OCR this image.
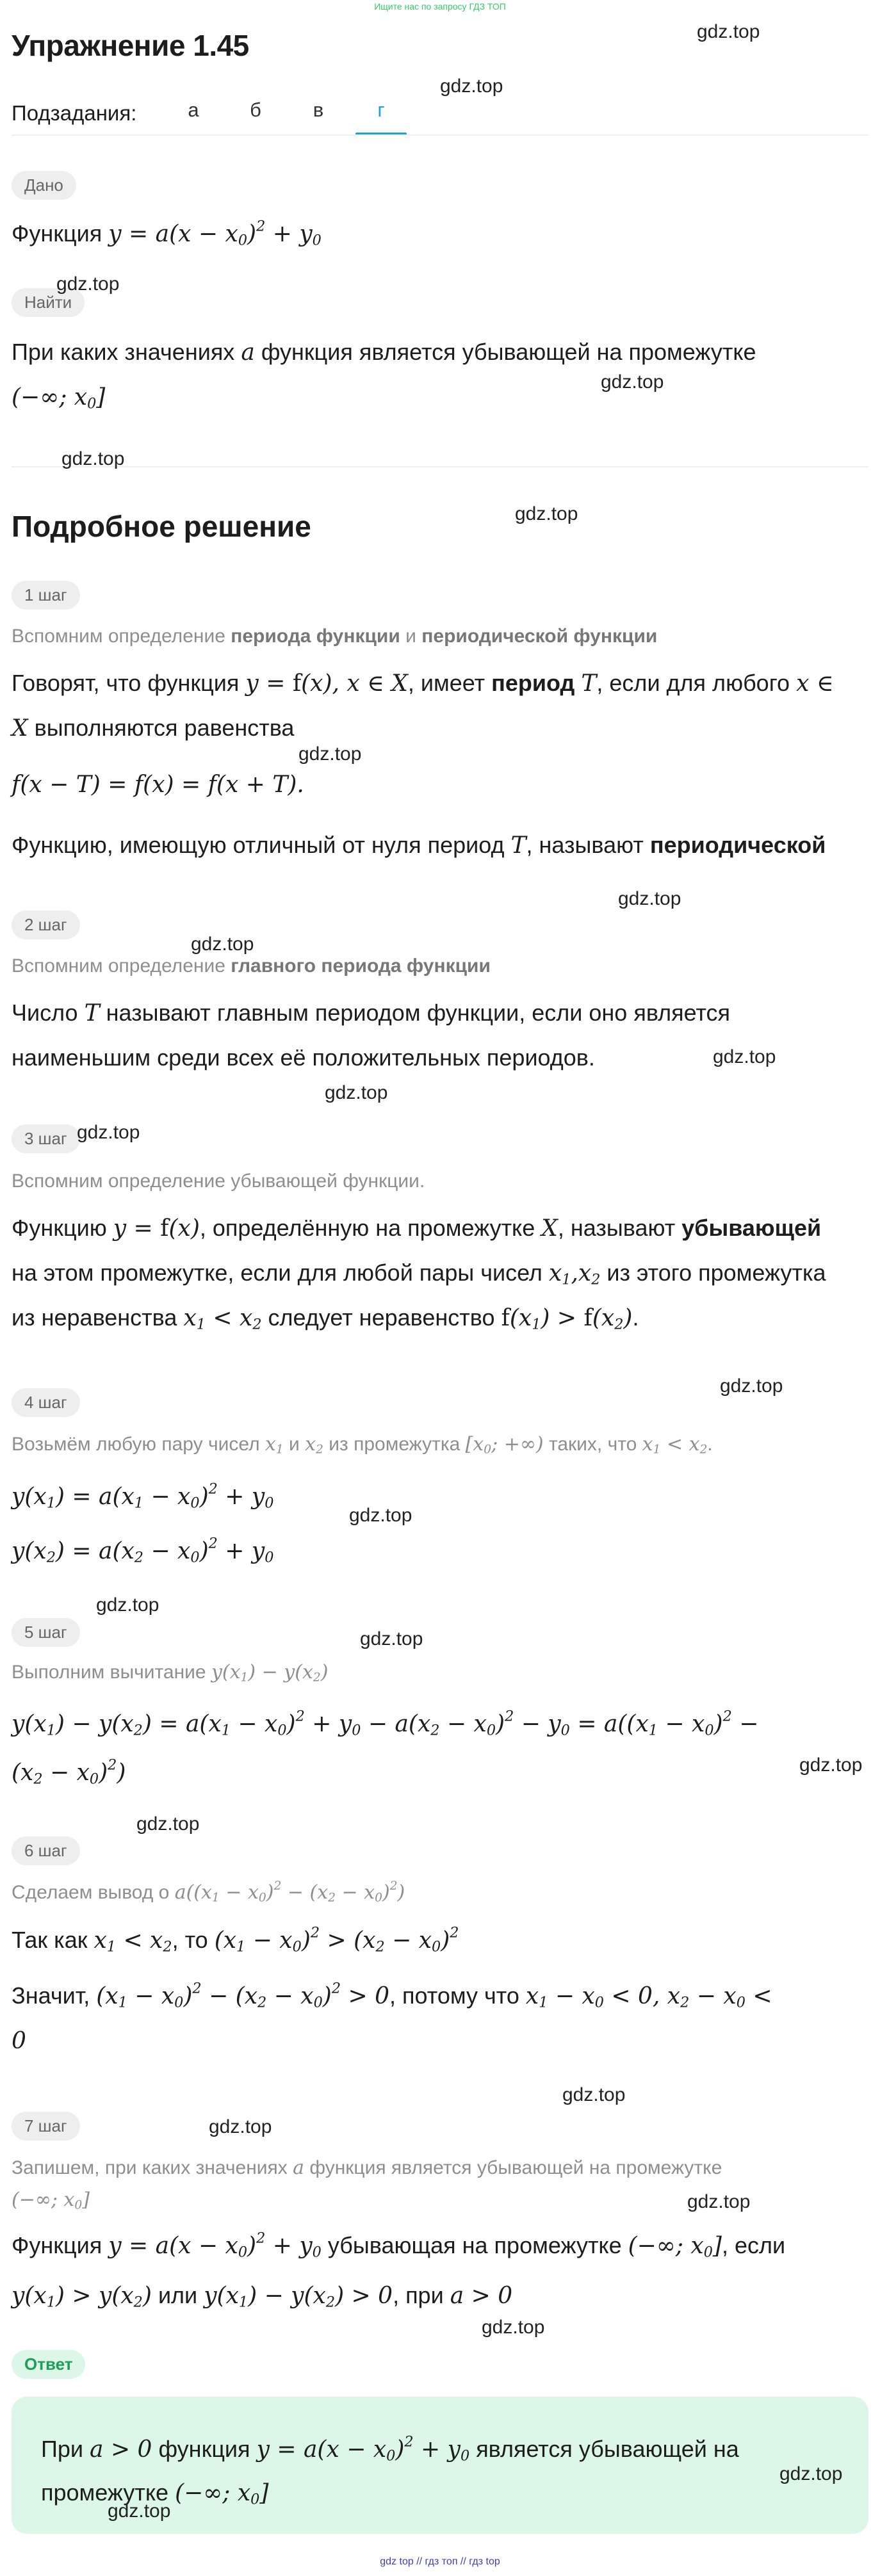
Ищите нас по запросу ГДЗ ТОП
Упражнение 1.45
Подзадания:	а	б	в	г
Дано
Функция $y = a(x - x_0)^2 + y_0$
Найти
При каких значениях a функция является убывающей на промежутке
(−∞; $x_0$]
Подробное решение
1 шаг
Вспомним определение периода функции и периодической функции
Говорят, что функция y = f(x), x ∈ X, имеет период T, если для любого x ∈
X выполняются равенства
f(x − T) = f(x) = f(x + T).
Функцию, имеющую отличный от нуля период T, называют периодической
2 шаг
Вспомним определение главного периода функции
Число T называют главным периодом функции, если оно является
наименьшим среди всех её положительных периодов.
3 шаг
Вспомним определение убывающей функции.
Функцию y = f(x), определённую на промежутке X, называют убывающей
на этом промежутке, если для любой пары чисел $x_1,x_2$ из этого промежутка
из неравенства $x_1 < x_2$ следует неравенство $f(x_1) > f(x_2)$.
4 шаг
Возьмём любую пару чисел $x_1$ и $x_2$ из промежутка [$x_0$; +∞) таких, что $x_1 < x_2$.
$y(x_1) = a(x_1 - x_0)^2 + y_0$
$y(x_2) = a(x_2 - x_0)^2 + y_0$
5 шаг
Выполним вычитание $y(x_1) - y(x_2)$
$y(x_1) - y(x_2) = a(x_1 - x_0)^2 + y_0 - a(x_2 - x_0)^2 - y_0 = a((x_1 - x_0)^2$ −
$(x_2 - x_0)^2$)
6 шаг
Сделаем вывод о $a((x_1 - x_0)^2 - (x_2 - x_0)^2)$
Так как $x_1 < x_2$, то $(x_1 - x_0)^2 > (x_2 - x_0)^2$
Значит, $(x_1 - x_0)^2 - (x_2 - x_0)^2 > 0$, потому что $x_1 - x_0 < 0$, $x_2 - x_0$ <
0
7 шаг
Запишем, при каких значениях a функция является убывающей на промежутке
(−∞; $x_0$]
Функция $y = a(x - x_0)^2 + y_0$ убывающая на промежутке (−∞; $x_0$], если
$y(x_1) > y(x_2)$ или $y(x_1) - y(x_2) > 0$, при a > 0
Ответ
При a > 0 функция $y = a(x - x_0)^2 + y_0$ является убывающей на
промежутке (−∞; $x_0$]
gdz.top
gdz.top
gdz.top
gdz.top
gdz.top
gdz.top
gdz.top
gdz.top
gdz.top
gdz.top
gdz.top
gdz.top
gdz.top
gdz.top
gdz.top
gdz.top
gdz.top
gdz.top
gdz.top
gdz.top
gdz.top
gdz.top
gdz.top
gdz.top
gdz top // гдз топ // гдз top
